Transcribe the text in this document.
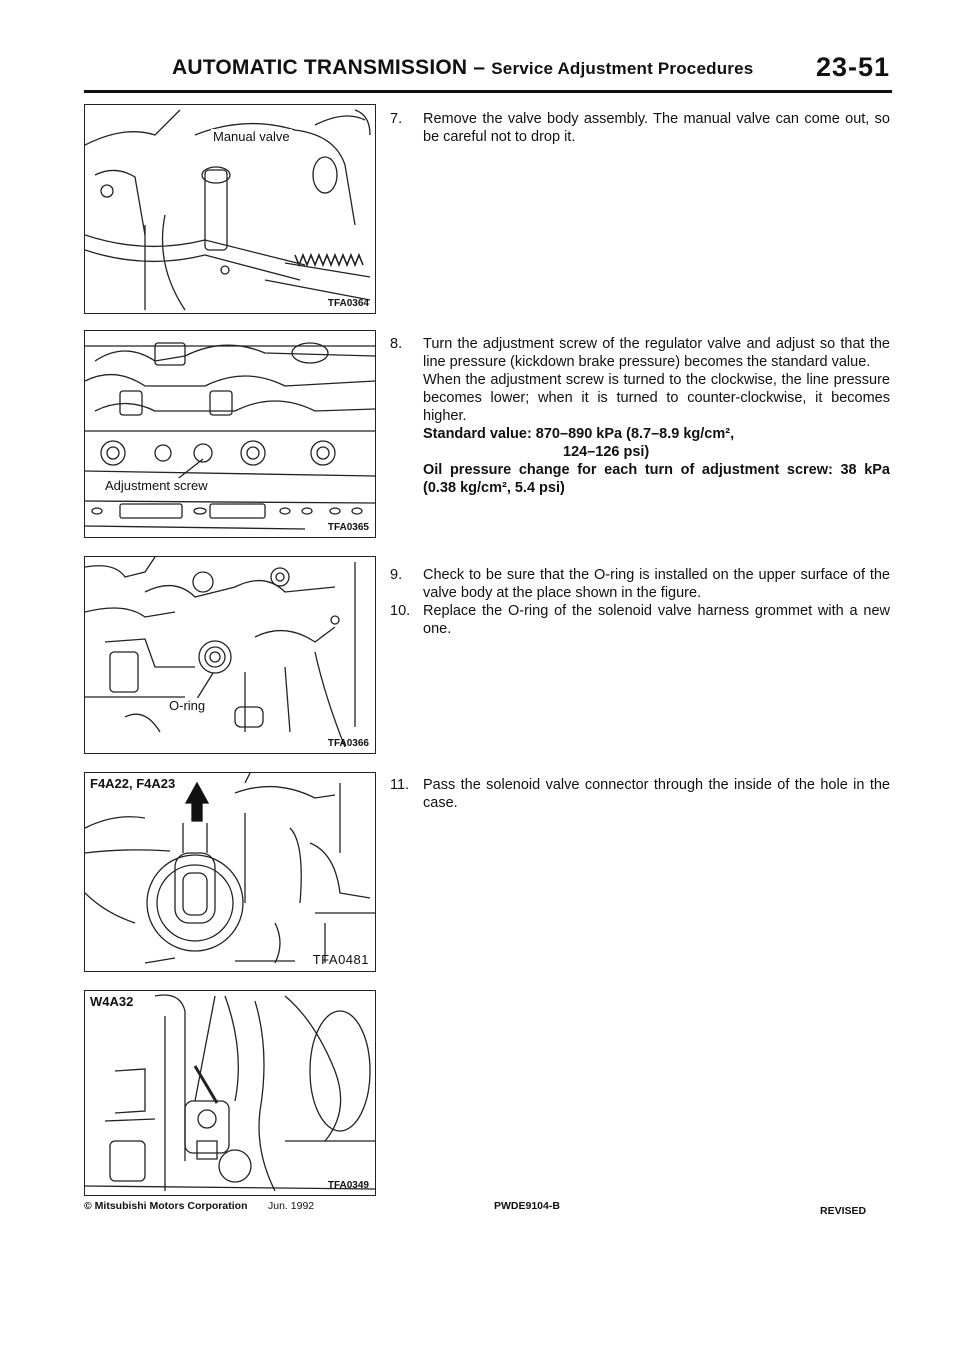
AUTOMATIC TRANSMISSION – Service Adjustment Procedures 23-51
Manual valve
TFA0364
Adjustment screw
TFA0365
O-ring
TFA0366
F4A22, F4A23
TFA0481
W4A32
TFA0349
7. Remove the valve body assembly. The manual valve can come out, so be careful not to drop it.

8. Turn the adjustment screw of the regulator valve and adjust so that the line pressure (kickdown brake pressure) becomes the standard value.

When the adjustment screw is turned to the clockwise, the line pressure becomes lower; when it is turned to counter-clockwise, it becomes higher.

Standard value: 870–890 kPa (8.7–8.9 kg/cm²,
124–126 psi)

Oil pressure change for each turn of adjustment screw: 38 kPa (0.38 kg/cm², 5.4 psi)

9. Check to be sure that the O-ring is installed on the upper surface of the valve body at the place shown in the figure.

10. Replace the O-ring of the solenoid valve harness grommet with a new one.

11. Pass the solenoid valve connector through the inside of the hole in the case.

© Mitsubishi Motors Corporation Jun. 1992	PWDE9104-B	REVISED
